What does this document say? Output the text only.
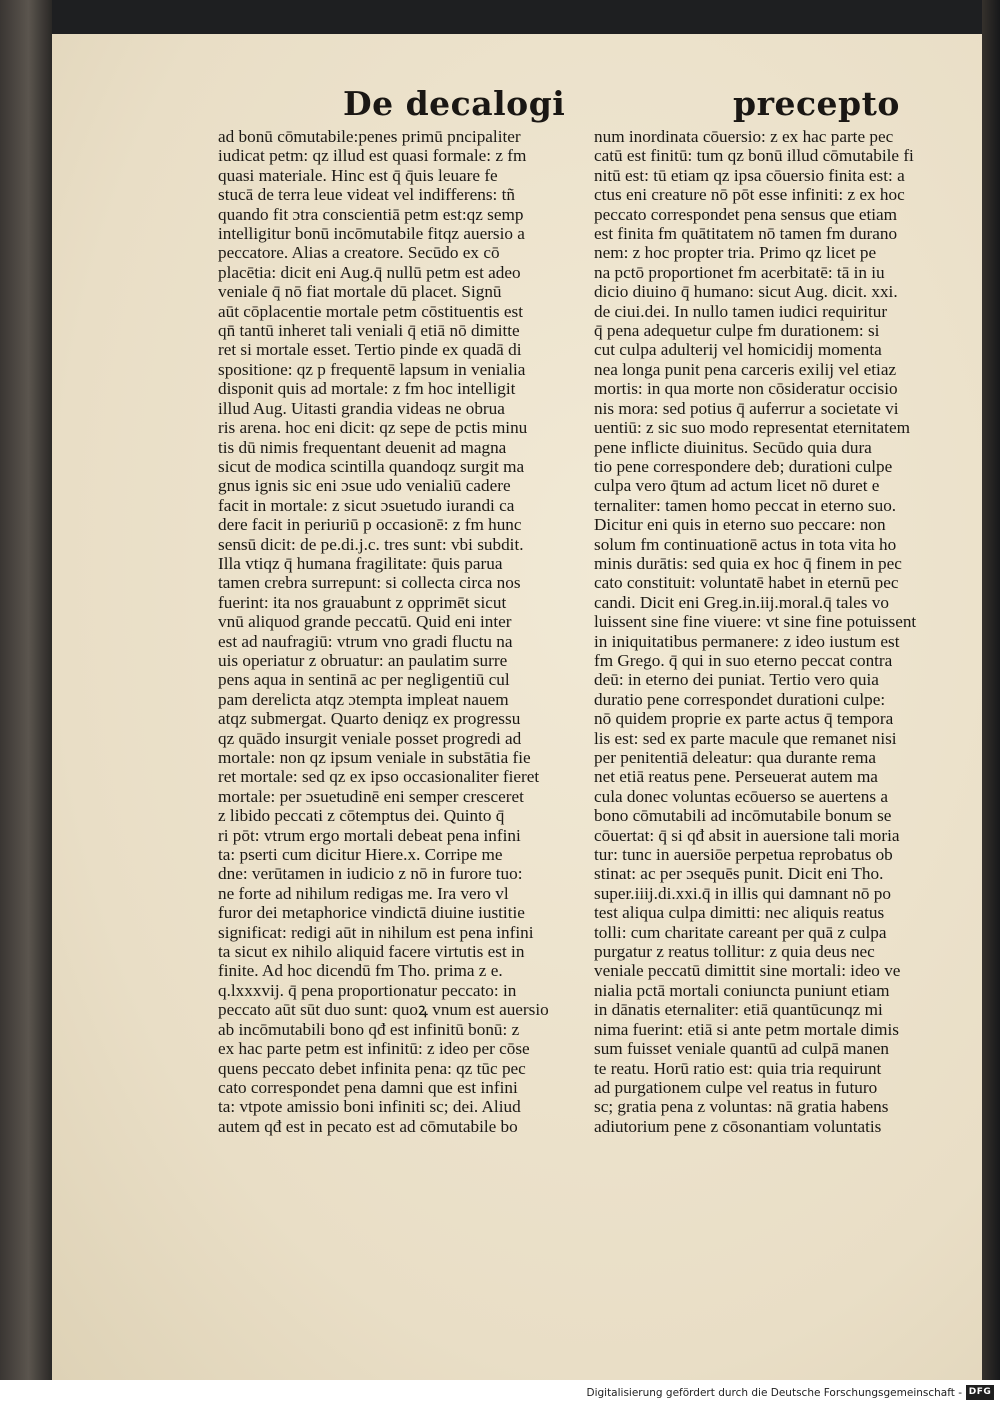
De decalogi	precepto
ad bonū cōmutabile:penes primū pncipaliter
iudicat petm: qz illud est quasi formale: z fm
quasi materiale. Hinc est q̄ q̄uis leuare fe
stucā de terra leue videat vel indifferens: tñ
quando fit ɔtra conscientiā petm est:qz semp
intelligitur bonū incōmutabile fitqz auersio a
peccatore. Alias a creatore. Secūdo ex cō
placētia: dicit eni Aug.q̄ nullū petm est adeo
veniale q̄ nō fiat mortale dū placet. Signū
aūt cōplacentie mortale petm cōstituentis est
qn̄ tantū inheret tali veniali q̄ etiā nō dimitte
ret si mortale esset. Tertio pinde ex quadā di
spositione: qz p frequentē lapsum in venialia
disponit quis ad mortale: z fm hoc intelligit
illud Aug. Uitasti grandia videas ne obrua
ris arena. hoc eni dicit: qz sepe de pctis minu
tis dū nimis frequentant deuenit ad magna
sicut de modica scintilla quandoqz surgit ma
gnus ignis sic eni ɔsue udo venialiū cadere
facit in mortale: z sicut ɔsuetudo iurandi ca
dere facit in periuriū p occasionē: z fm hunc
sensū dicit: de pe.di.j.c. tres sunt: vbi subdit.
Illa vtiqz q̄ humana fragilitate: q̄uis parua
tamen crebra surrepunt: si collecta circa nos
fuerint: ita nos grauabunt z opprimēt sicut
vnū aliquod grande peccatū. Quid eni inter
est ad naufragiū: vtrum vno gradi fluctu na
uis operiatur z obruatur: an paulatim surre
pens aqua in sentinā ac per negligentiū cul
pam derelicta atqz ɔtempta impleat nauem
atqz submergat. Quarto deniqz ex progressu
qz quādo insurgit veniale posset progredi ad
mortale: non qz ipsum veniale in substātia fie
ret mortale: sed qz ex ipso occasionaliter fieret
mortale: per ɔsuetudinē eni semper cresceret
z libido peccati z cōtemptus dei. Quinto q̄
ri pōt: vtrum ergo mortali debeat pena infini
ta: pserti cum dicitur Hiere.x. Corripe me
dne: verūtamen in iudicio z nō in furore tuo:
ne forte ad nihilum redigas me. Ira vero vl
furor dei metaphorice vindictā diuine iustitie
significat: redigi aūt in nihilum est pena infini
ta sicut ex nihilo aliquid facere virtutis est in
finite. Ad hoc dicendū fm Tho. prima z e.
q.lxxxvij. q̄ pena proportionatur peccato: in
peccato aūt sūt duo sunt: quoꝝ vnum est auersio
ab incōmutabili bono qđ est infinitū bonū: z
ex hac parte petm est infinitū: z ideo per cōse
quens peccato debet infinita pena: qz tūc pec
cato correspondet pena damni que est infini
ta: vtpote amissio boni infiniti sc; dei. Aliud
autem qđ est in pecato est ad cōmutabile bo
num inordinata cōuersio: z ex hac parte pec
catū est finitū: tum qz bonū illud cōmutabile fi
nitū est: tū etiam qz ipsa cōuersio finita est: a
ctus eni creature nō pōt esse infiniti: z ex hoc
peccato correspondet pena sensus que etiam
est finita fm quātitatem nō tamen fm durano
nem: z hoc propter tria. Primo qz licet pe
na pctō proportionet fm acerbitatē: tā in iu
dicio diuino q̄ humano: sicut Aug. dicit. xxi.
de ciui.dei. In nullo tamen iudici requiritur
q̄ pena adequetur culpe fm durationem: si
cut culpa adulterij vel homicidij momenta
nea longa punit pena carceris exilij vel etiaz
mortis: in qua morte non cōsideratur occisio
nis mora: sed potius q̄ auferrur a societate vi
uentiū: z sic suo modo representat eternitatem
pene inflicte diuinitus. Secūdo quia dura
tio pene correspondere deb; durationi culpe
culpa vero q̄tum ad actum licet nō duret e
ternaliter: tamen homo peccat in eterno suo.
Dicitur eni quis in eterno suo peccare: non
solum fm continuationē actus in tota vita ho
minis durātis: sed quia ex hoc q̄ finem in pec
cato constituit: voluntatē habet in eternū pec
candi. Dicit eni Greg.in.iij.moral.q̄ tales vo
luissent sine fine viuere: vt sine fine potuissent
in iniquitatibus permanere: z ideo iustum est
fm Grego. q̄ qui in suo eterno peccat contra
deū: in eterno dei puniat. Tertio vero quia
duratio pene correspondet durationi culpe:
nō quidem proprie ex parte actus q̄ tempora
lis est: sed ex parte macule que remanet nisi
per penitentiā deleatur: qua durante rema
net etiā reatus pene. Perseuerat autem ma
cula donec voluntas ecōuerso se auertens a
bono cōmutabili ad incōmutabile bonum se
cōuertat: q̄ si qđ absit in auersione tali moria
tur: tunc in auersiōe perpetua reprobatus ob
stinat: ac per ɔsequēs punit. Dicit eni Tho.
super.iiij.di.xxi.q̄ in illis qui damnant nō po
test aliqua culpa dimitti: nec aliquis reatus
tolli: cum charitate careant per quā z culpa
purgatur z reatus tollitur: z quia deus nec
veniale peccatū dimittit sine mortali: ideo ve
nialia pctā mortali coniuncta puniunt etiam
in dānatis eternaliter: etiā quantūcunqz mi
nima fuerint: etiā si ante petm mortale dimis
sum fuisset veniale quantū ad culpā manen
te reatu. Horū ratio est: quia tria requirunt
ad purgationem culpe vel reatus in futuro
sc; gratia pena z voluntas: nā gratia habens
adiutorium pene z cōsonantiam voluntatis
Digitalisierung gefördert durch die Deutsche Forschungsgemeinschaft - DFG
